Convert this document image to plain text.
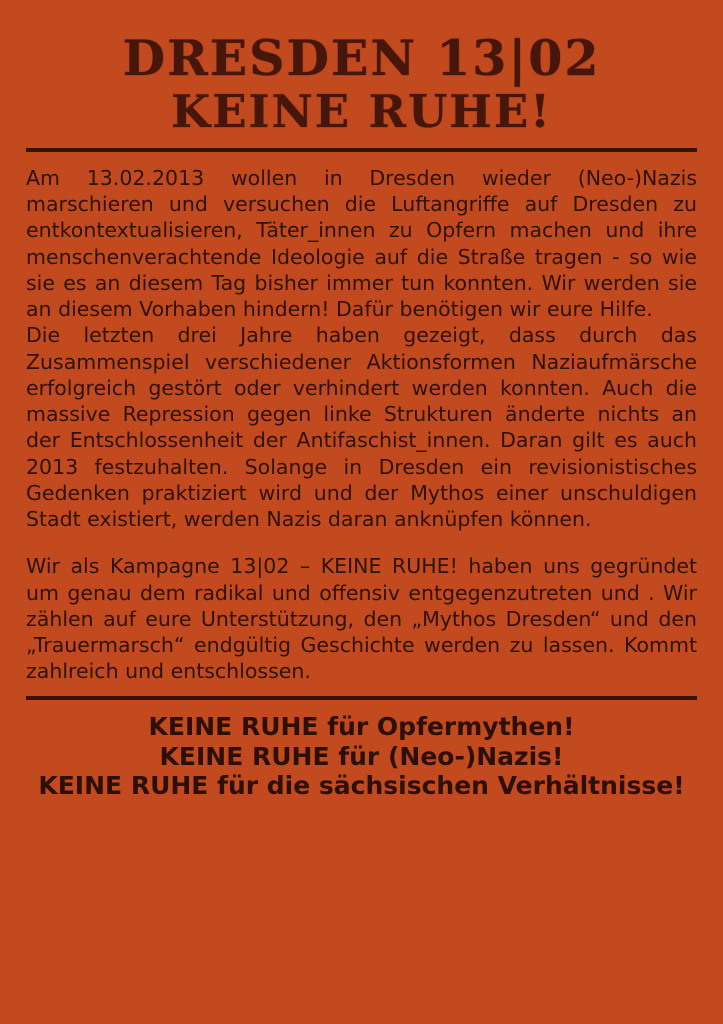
DRESDEN 13|02
KEINE RUHE!

Am 13.02.2013 wollen in Dresden wieder (Neo-)Nazis marschieren und versuchen die Luftangriffe auf Dresden zu entkontextualisieren, Täter_innen zu Opfern machen und ihre menschenverachtende Ideologie auf die Straße tragen - so wie sie es an diesem Tag bisher immer tun konnten. Wir werden sie an diesem Vorhaben hindern! Dafür benötigen wir eure Hilfe.

Die letzten drei Jahre haben gezeigt, dass durch das Zusammenspiel verschiedener Aktionsformen Naziaufmärsche erfolgreich gestört oder verhindert werden konnten. Auch die massive Repression gegen linke Strukturen änderte nichts an der Entschlossenheit der Antifaschist_innen. Daran gilt es auch 2013 festzuhalten. Solange in Dresden ein revisionistisches Gedenken praktiziert wird und der Mythos einer unschuldigen Stadt existiert, werden Nazis daran anknüpfen können.

Wir als Kampagne 13|02 – KEINE RUHE! haben uns gegründet um genau dem radikal und offensiv entgegenzutreten und . Wir zählen auf eure Unterstützung, den „Mythos Dresden“ und den „Trauermarsch“ endgültig Geschichte werden zu lassen. Kommt zahlreich und entschlossen.

KEINE RUHE für Opfermythen!
KEINE RUHE für (Neo-)Nazis!
KEINE RUHE für die sächsischen Verhältnisse!
